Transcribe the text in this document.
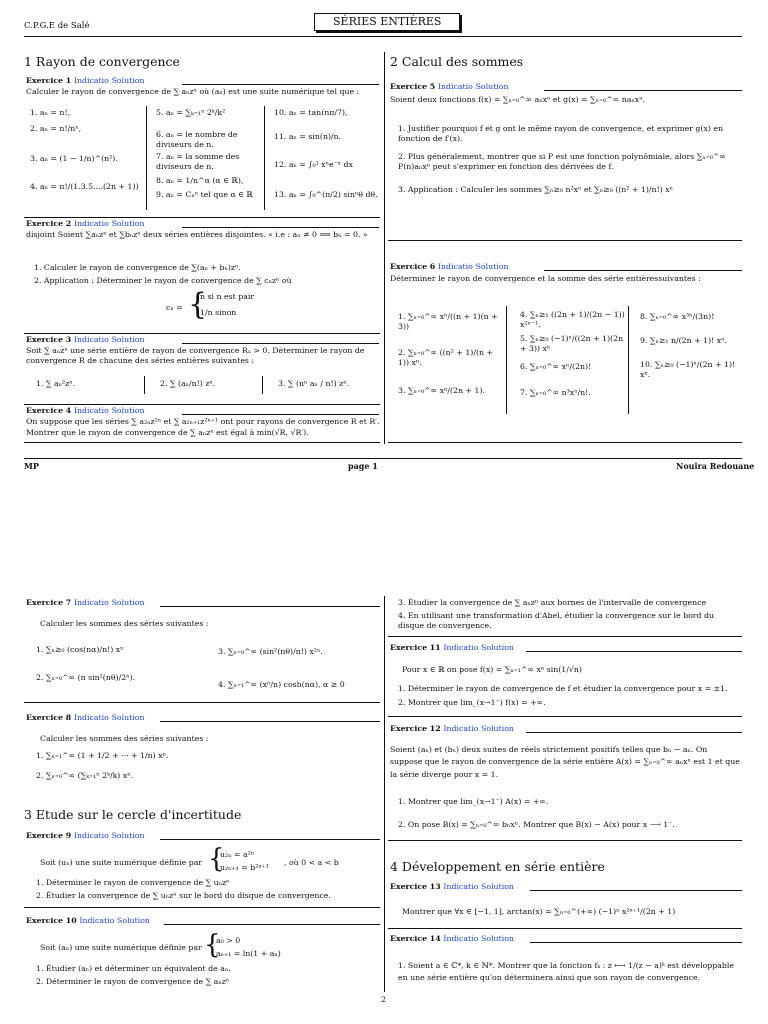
C.P.G.E de Salé	SÉRIES ENTIÈRES
1 Rayon de convergence
Exercice 1 Indicatio Solution
Calculer le rayon de convergence de ∑ aₙzⁿ où (aₙ) est une suite numérique tel que :
1. aₙ = n!,
2. aₙ = n!/nⁿ,
3. aₙ = (1 − 1/n)^(n²).
4. aₙ = n!/(1.3.5....(2n + 1))
5. aₙ = ∑ₖ₌₁ⁿ 2ᵏ/k²
6. aₙ = le nombre de diviseurs de n.
7. aₙ = la somme des diviseurs de n.
8. aₙ = 1/n^α (α ∈ ℝ),
9. aₙ = Cₙⁿ tel que α ∈ ℝ
10. aₙ = tan(nπ/7),
11. aₙ = sin(n)/n.
12. aₙ = ∫₀¹ xⁿe⁻ˣ dx
13. aₙ = ∫₀^(π/2) sinⁿθ dθ,
Exercice 2 Indicatio Solution
disjoint Soient ∑aₙzⁿ et ∑bₙzⁿ deux séries entières disjointes. « i.e : aₙ ≠ 0 ⟹ bₙ = 0. »
1. Calculer le rayon de convergence de ∑(aₙ + bₙ)zⁿ.
2. Application : Déterminer le rayon de convergence de ∑ cₙzⁿ où
cₙ = {
n si n est pair
1/n sinon
Exercice 3 Indicatio Solution
Soit ∑ aₙzⁿ une série entière de rayon de convergence Rₐ > 0. Déterminer le rayon de convergence R de chacune des séries entières suivantes :
1. ∑ aₙ²zⁿ.	2. ∑ (aₙ/n!) zⁿ.	3. ∑ (nⁿ aₙ / n!) zⁿ.
Exercice 4 Indicatio Solution
On suppose que les séries ∑ a₂ₙz²ⁿ et ∑ a₂ₙ₊₁z²ⁿ⁺¹ ont pour rayons de convergence R et R′.
Montrer que le rayon de convergence de ∑ aₙzⁿ est égal à min(√R, √R′).
2 Calcul des sommes
Exercice 5 Indicatio Solution
Soient deux fonctions f(x) = ∑ₙ₌₀^∞ aₙxⁿ et g(x) = ∑ₙ₌₀^∞ naₙxⁿ.
1. Justifier pourquoi f et g ont le même rayon de convergence, et exprimer g(x) en fonction de f′(x).
2. Plus généralement, montrer que si P est une fonction polynômiale, alors ∑ₙ₌₀^∞ P(n)aₙxⁿ peut s'exprimer en fonction des dérivées de f.
3. Application : Calculer les sommes ∑ₙ≥₀ n²xⁿ et ∑ₙ≥₀ ((n² + 1)/n!) xⁿ
Exercice 6 Indicatio Solution
Déterminer le rayon de convergence et la somme des série entièressuivantes :
1. ∑ₙ₌₀^∞ xⁿ/((n + 1)(n + 3))
2. ∑ₙ₌₀^∞ ((n² + 1)/(n + 1)) xⁿ.
3. ∑ₙ₌₀^∞ xⁿ/(2n + 1).
4. ∑ₙ≥₁ ((2n + 1)/(2n − 1)) x²ⁿ⁻¹.
5. ∑ₙ≥₀ (−1)ⁿ/((2n + 1)(2n + 3)) xⁿ
6. ∑ₙ₌₀^∞ xⁿ/(2n)!
7. ∑ₙ₌₀^∞ n³xⁿ/n!.
8. ∑ₙ₌₀^∞ x³ⁿ/(3n)!
9. ∑ₙ≥₁ n/(2n + 1)! xⁿ.
10. ∑ₙ≥₀ (−1)ⁿ/(2n + 1)! xⁿ.
MP	page 1	Nouira Redouane
Exercice 7 Indicatio Solution
Calculer les sommes des séries suivantes :
1. ∑ₙ≥₀ (cos(nα)/n!) xⁿ
2. ∑ₙ₌₀^∞ (n sin²(nθ)/2ⁿ).
3. ∑ₙ₌₀^∞ (sin²(nθ)/n!) x²ⁿ.
4. ∑ₙ₌₁^∞ (xⁿ/n) cosh(nα), α ≥ 0
Exercice 8 Indicatio Solution
Calculer les sommes des séries suivantes :
1. ∑ₙ₌₁^∞ (1 + 1/2 + ··· + 1/n) xⁿ.
2. ∑ₙ₌₀^∞ (∑ₖ₌₁ⁿ 2ᵏ/k) xⁿ.
3 Etude sur le cercle d'incertitude
Exercice 9 Indicatio Solution
Soit (uₙ) une suite numérique définie par {
u₂ₙ = a²ⁿ
u₂ₙ₊₁ = b²ⁿ⁺¹
, où 0 < a < b
1. Déterminer le rayon de convergence de ∑ uₙzⁿ
2. Étudier la convergence de ∑ uₙzⁿ sur le bord du disque de convergence.
Exercice 10 Indicatio Solution
Soit (aₙ) une suite numérique définie par {
a₀ > 0
aₙ₊₁ = ln(1 + aₙ)
1. Étudier (aₙ) et déterminer un équivalent de aₙ.
2. Déterminer le rayon de convergence de ∑ aₙzⁿ
3. Étudier la convergence de ∑ aₙzⁿ aux bornes de l'intervalle de convergence
4. En utilisant une transformation d'Abel, étudier la convergence sur le bord du disque de convergence.
Exercice 11 Indicatio Solution
Pour x ∈ ℝ on pose f(x) = ∑ₙ₌₁^∞ xⁿ sin(1/√n)
1. Déterminer le rayon de convergence de f et étudier la convergence pour x = ±1.
2. Montrer que lim_(x→1⁻) f(x) = +∞.
Exercice 12 Indicatio Solution
Soient (aₙ) et (bₙ) deux suites de réels strictement positifs telles que bₙ ∼ aₙ. On suppose que le rayon de convergence de la série entière A(x) = ∑ₙ₌₀^∞ aₙxⁿ est 1 et que la série diverge pour x = 1.
1. Montrer que lim_(x→1⁻) A(x) = +∞.
2. On pose B(x) = ∑ₙ₌₀^∞ bₙxⁿ. Montrer que B(x) ∼ A(x) pour x ⟶ 1⁻.
4 Développement en série entière
Exercice 13 Indicatio Solution
Montrer que ∀x ∈ [−1, 1], arctan(x) = ∑ₙ₌₀^(+∞) (−1)ⁿ x²ⁿ⁺¹/(2n + 1)
Exercice 14 Indicatio Solution
1. Soient a ∈ ℂ*, k ∈ ℕ*. Montrer que la fonction fₖ : z ⟼ 1/(z − a)ᵏ est développable en une série entière qu'on déterminera ainsi que son rayon de convergence.
2
